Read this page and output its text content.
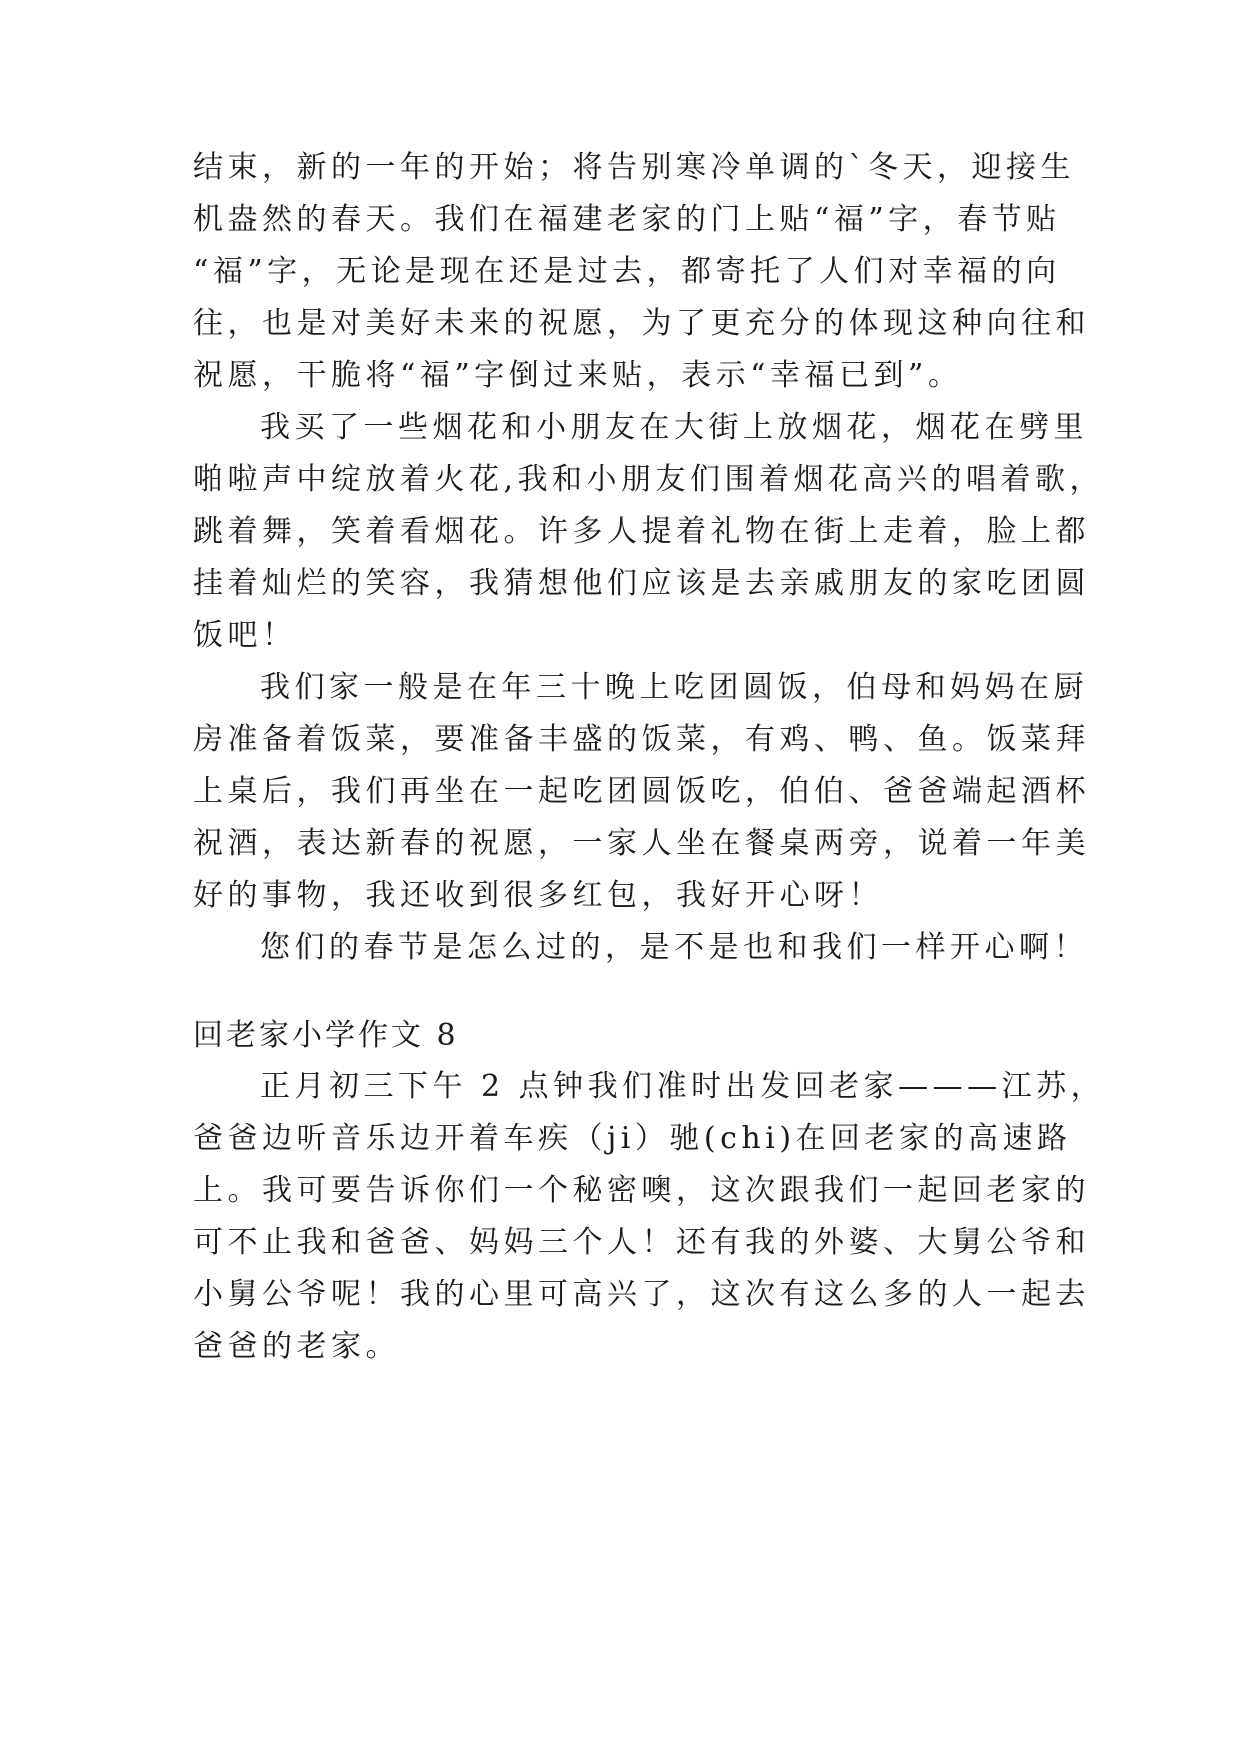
结束，新的一年的开始；将告别寒冷单调的`冬天，迎接生
机盎然的春天。我们在福建老家的门上贴“福”字，春节贴
“福”字，无论是现在还是过去，都寄托了人们对幸福的向
往，也是对美好未来的祝愿，为了更充分的体现这种向往和
祝愿，干脆将“福”字倒过来贴，表示“幸福已到”。
我买了一些烟花和小朋友在大街上放烟花，烟花在劈里
啪啦声中绽放着火花,我和小朋友们围着烟花高兴的唱着歌，
跳着舞，笑着看烟花。许多人提着礼物在街上走着，脸上都
挂着灿烂的笑容，我猜想他们应该是去亲戚朋友的家吃团圆
饭吧！
我们家一般是在年三十晚上吃团圆饭，伯母和妈妈在厨
房准备着饭菜，要准备丰盛的饭菜，有鸡、鸭、鱼。饭菜拜
上桌后，我们再坐在一起吃团圆饭吃，伯伯、爸爸端起酒杯
祝酒，表达新春的祝愿，一家人坐在餐桌两旁，说着一年美
好的事物，我还收到很多红包，我好开心呀！
您们的春节是怎么过的，是不是也和我们一样开心啊！
回老家小学作文 8
正月初三下午 2 点钟我们准时出发回老家———江苏，
爸爸边听音乐边开着车疾（ji）驰(chi)在回老家的高速路
上。我可要告诉你们一个秘密噢，这次跟我们一起回老家的
可不止我和爸爸、妈妈三个人！还有我的外婆、大舅公爷和
小舅公爷呢！我的心里可高兴了，这次有这么多的人一起去
爸爸的老家。
